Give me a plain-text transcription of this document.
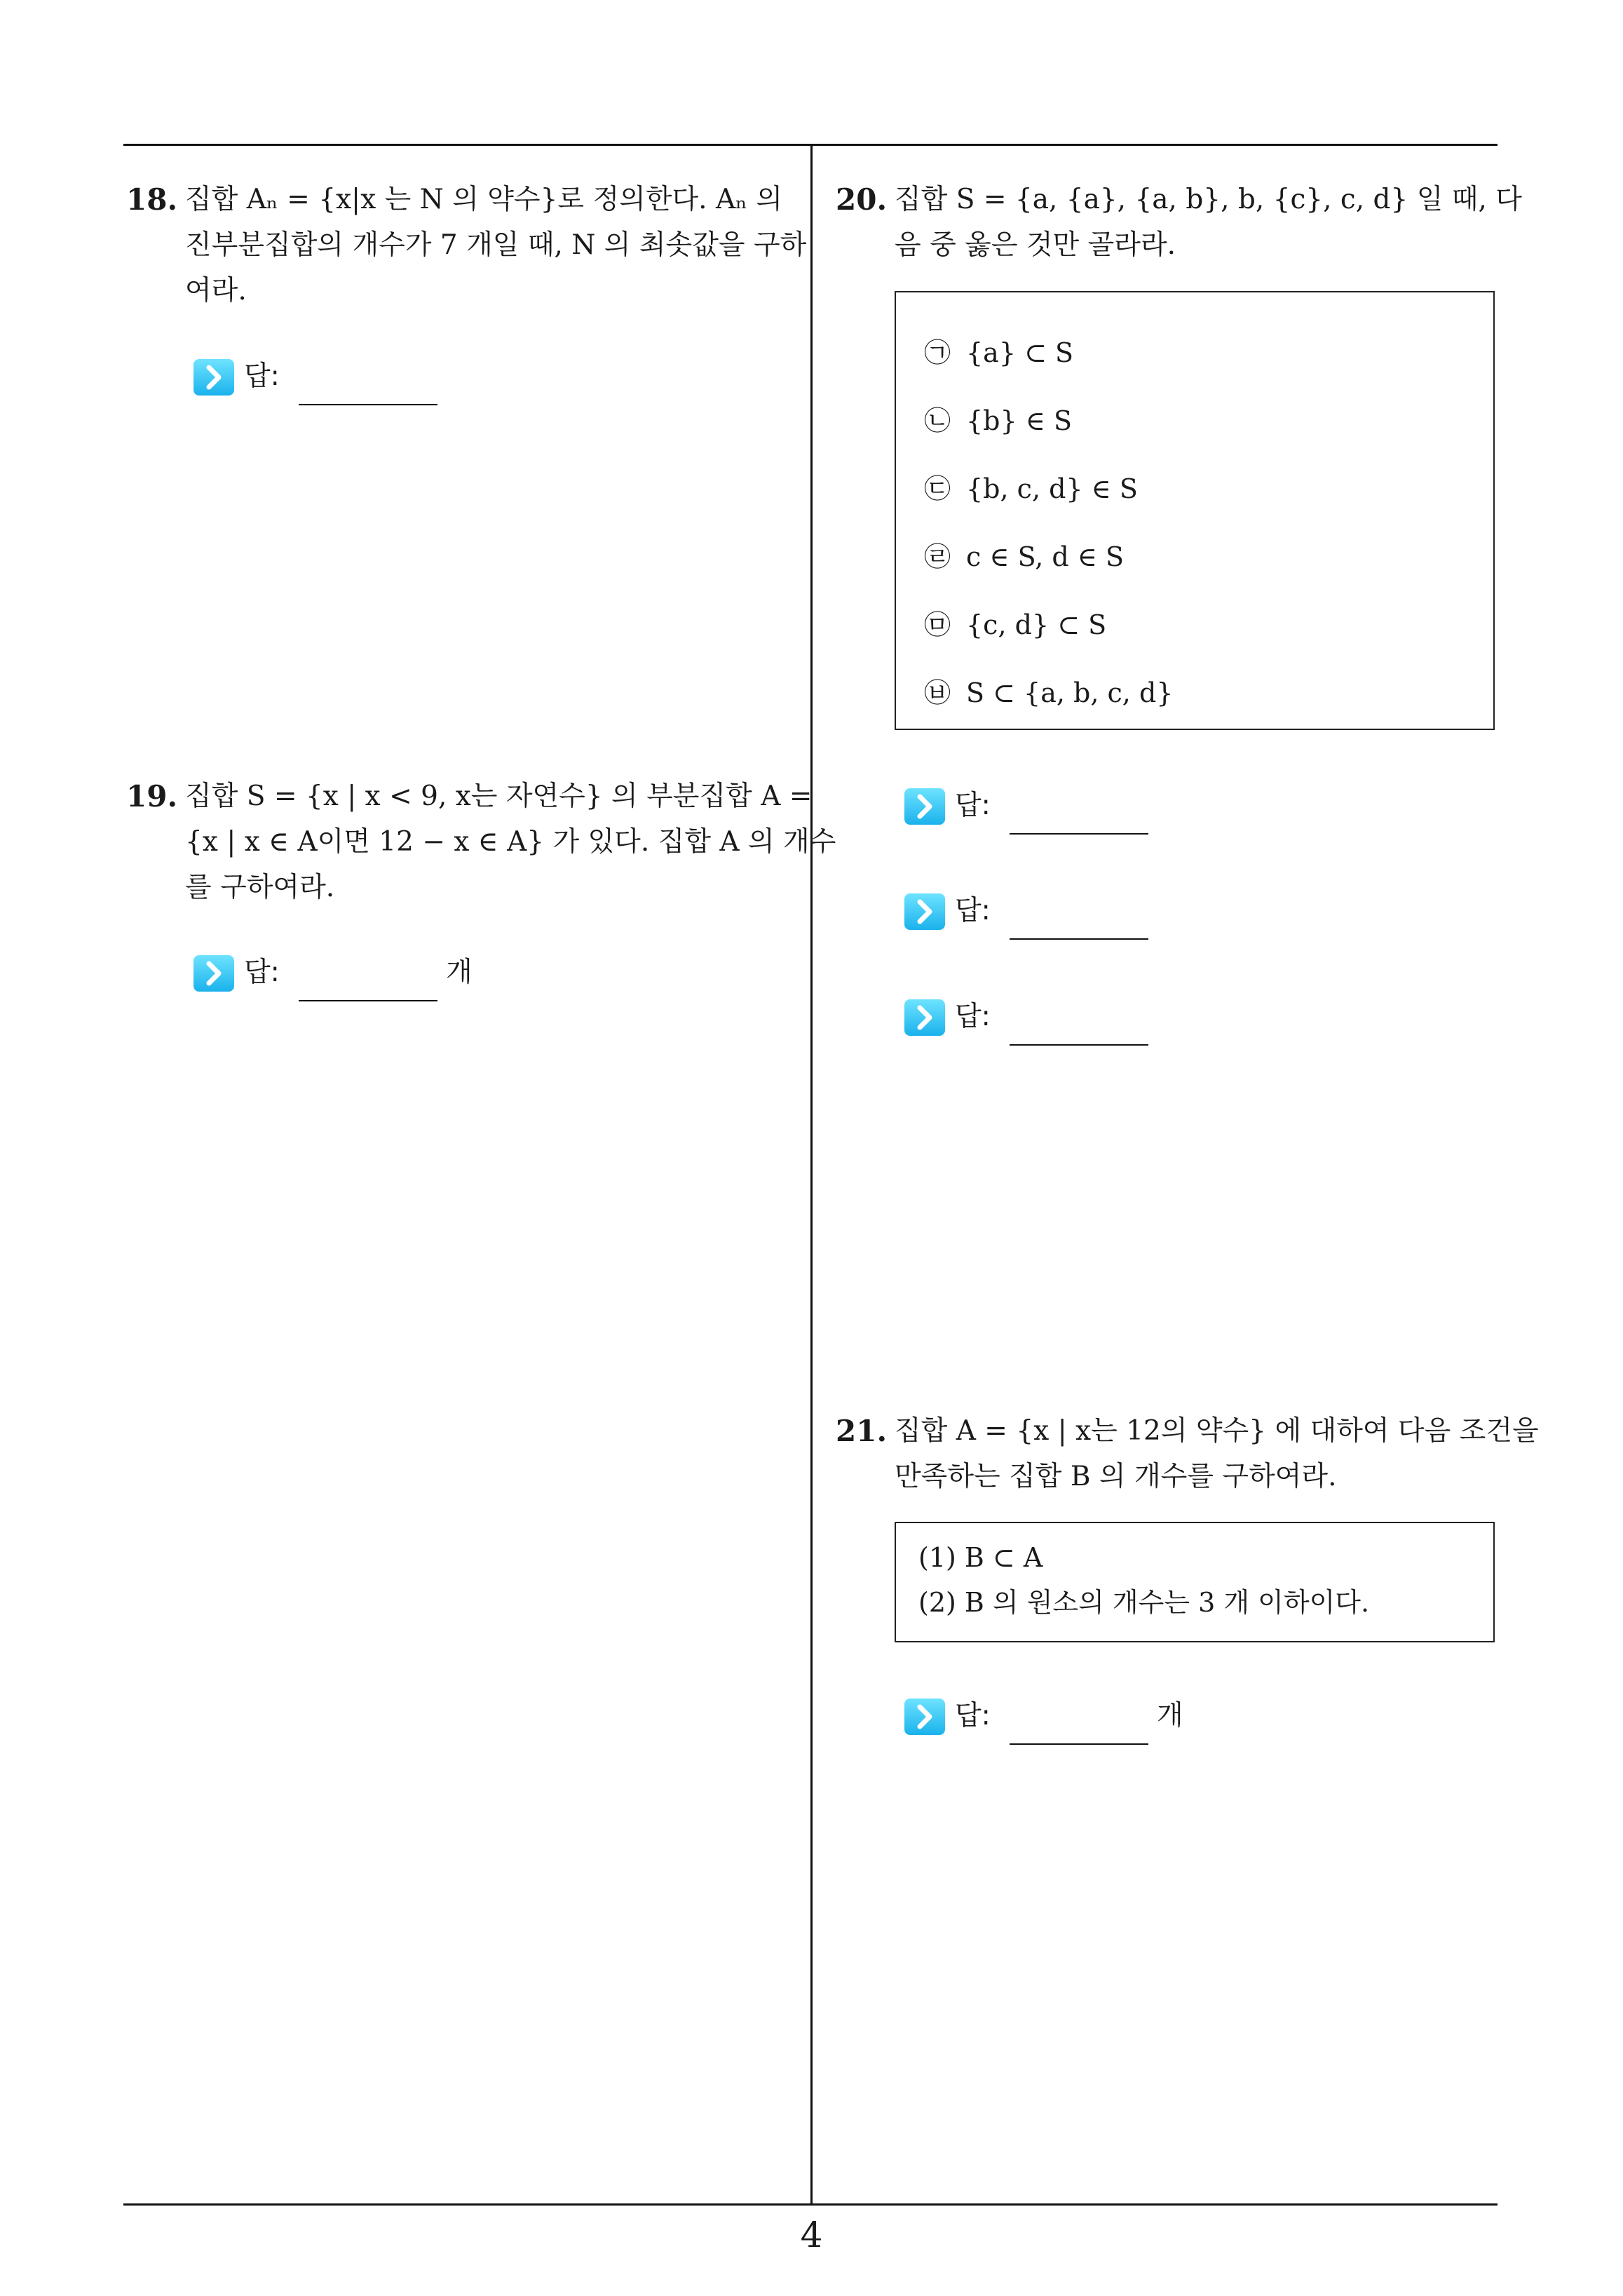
18. 집합 Aₙ = {x|x 는 N 의 약수}로 정의한다. Aₙ 의
진부분집합의 개수가 7 개일 때, N 의 최솟값을 구하
여라.
답:
19. 집합 S = {x | x < 9, x는 자연수} 의 부분집합 A =
{x | x ∈ A이면 12 − x ∈ A} 가 있다. 집합 A 의 개수
를 구하여라.
답:	개
20. 집합 S = {a, {a}, {a, b}, b, {c}, c, d} 일 때, 다
음 중 옳은 것만 골라라.
㉠ {a} ⊂ S
㉡ {b} ∈ S
㉢ {b, c, d} ∈ S
㉣ c ∈ S, d ∈ S
㉤ {c, d} ⊂ S
㉥ S ⊂ {a, b, c, d}
답:
답:
답:
21. 집합 A = {x | x는 12의 약수} 에 대하여 다음 조건을
만족하는 집합 B 의 개수를 구하여라.
(1) B ⊂ A
(2) B 의 원소의 개수는 3 개 이하이다.
답:	개
4
